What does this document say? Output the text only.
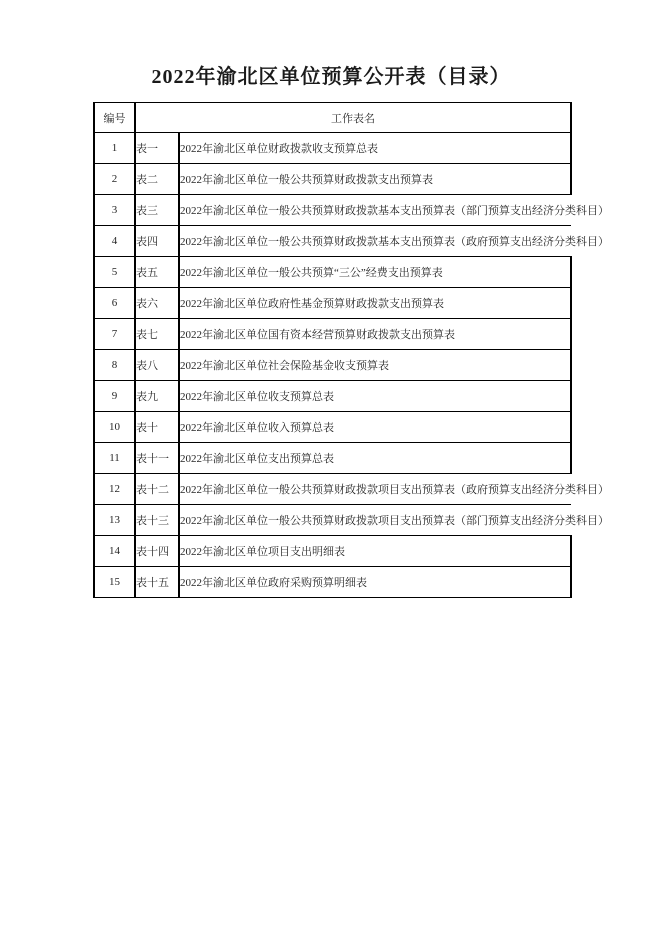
2022年渝北区单位预算公开表（目录）
编号	工作表名	
1	表一	2022年渝北区单位财政拨款收支预算总表
2	表二	2022年渝北区单位一般公共预算财政拨款支出预算表
3	表三	2022年渝北区单位一般公共预算财政拨款基本支出预算表（部门预算支出经济分类科目）
4	表四	2022年渝北区单位一般公共预算财政拨款基本支出预算表（政府预算支出经济分类科目）
5	表五	2022年渝北区单位一般公共预算“三公”经费支出预算表
6	表六	2022年渝北区单位政府性基金预算财政拨款支出预算表
7	表七	2022年渝北区单位国有资本经营预算财政拨款支出预算表
8	表八	2022年渝北区单位社会保险基金收支预算表
9	表九	2022年渝北区单位收支预算总表
10	表十	2022年渝北区单位收入预算总表
11	表十一	2022年渝北区单位支出预算总表
12	表十二	2022年渝北区单位一般公共预算财政拨款项目支出预算表（政府预算支出经济分类科目）
13	表十三	2022年渝北区单位一般公共预算财政拨款项目支出预算表（部门预算支出经济分类科目）
14	表十四	2022年渝北区单位项目支出明细表
15	表十五	2022年渝北区单位政府采购预算明细表
